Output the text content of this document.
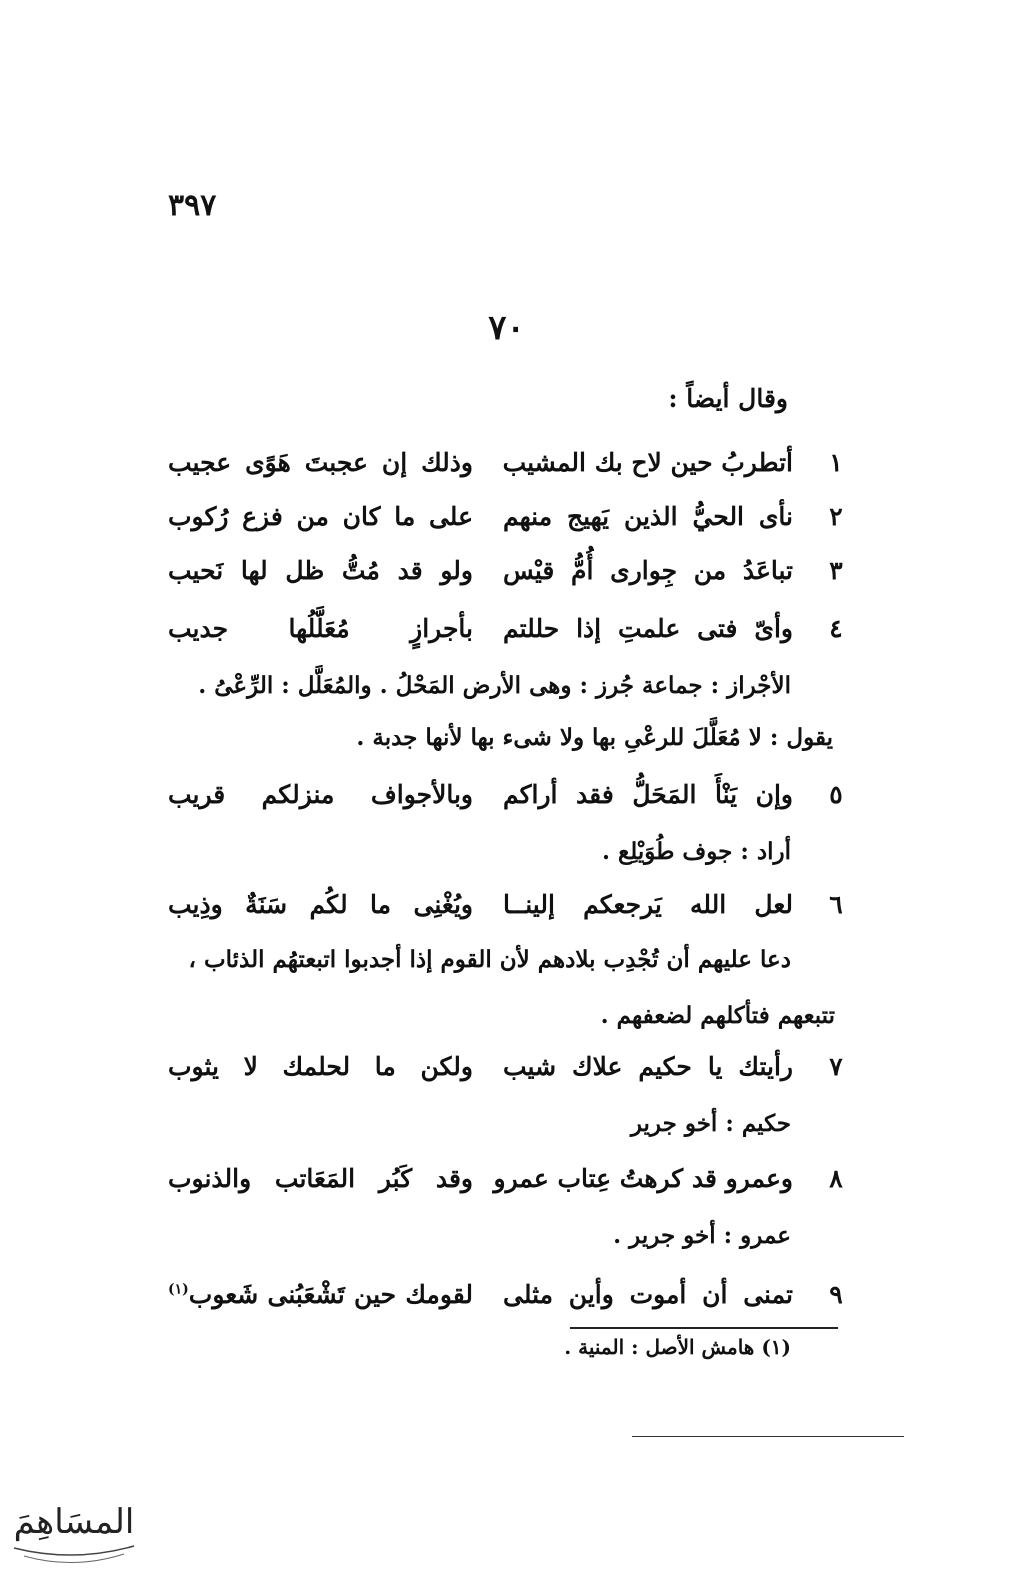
٣٩٧
٧٠
وقال أيضاً :
١
أتطربُ حين لاح بك المشيب
وذلك إن عجبتَ هَوًى عجيب
٢
نأى الحيُّ الذين يَهيج منهم
على ما كان من فزع رُكوب
٣
تباعَدُ من جِوارى أُمُّ قيْس
ولو قد مُتُّ ظل لها نَحيب
٤
وأىّ فتى علمتِ إذا حللتم
بأجرازٍ مُعَلَّلُها جديب
الأجْراز : جماعة جُرز : وهى الأرض المَحْلُ . والمُعَلَّل : الرِّعْىُ .
يقول : لا مُعَلَّلَ للرعْىِ بها ولا شىء بها لأنها جدبة .
٥
وإن يَنْأَ المَحَلُّ فقد أراكم
وبالأجواف منزلكم قريب
أراد : جوف طُوَيْلِع .
٦
لعل الله يَرجعكم إلينــا
ويُغْنِى ما لكُم سَنَةٌ وذِيب
دعا عليهم أن تُجْدِب بلادهم لأن القوم إذا أجدبوا اتبعتهُم الذئاب ،
تتبعهم فتأكلهم لضعفهم .
٧
رأيتك يا حكيم علاك شيب
ولكن ما لحلمك لا يثوب
حكيم : أخو جرير
٨
وعمرو قد كرهتُ عِتاب عمرو
وقد كَبُر المَعَاتب والذنوب
عمرو : أخو جرير .
٩
تمنى أن أموت وأين مثلى
لقومك حين تَشْعَبُنى شَعوب$^{(١)}$
(١) هامش الأصل : المنية .
المسَاهِمَ
